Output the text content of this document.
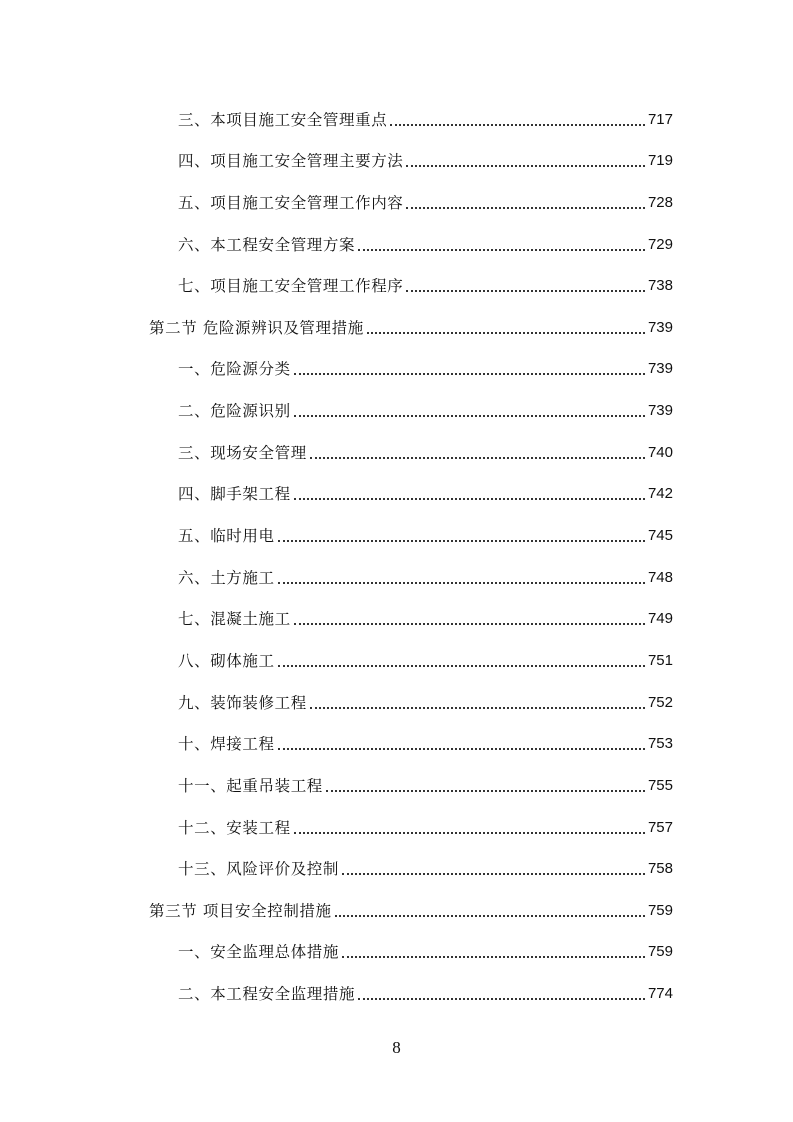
三、本项目施工安全管理重点	717
四、项目施工安全管理主要方法	719
五、项目施工安全管理工作内容	728
六、本工程安全管理方案	729
七、项目施工安全管理工作程序	738
第二节 危险源辨识及管理措施	739
一、危险源分类	739
二、危险源识别	739
三、现场安全管理	740
四、脚手架工程	742
五、临时用电	745
六、土方施工	748
七、混凝土施工	749
八、砌体施工	751
九、装饰装修工程	752
十、焊接工程	753
十一、起重吊装工程	755
十二、安装工程	757
十三、风险评价及控制	758
第三节 项目安全控制措施	759
一、安全监理总体措施	759
二、本工程安全监理措施	774
8
